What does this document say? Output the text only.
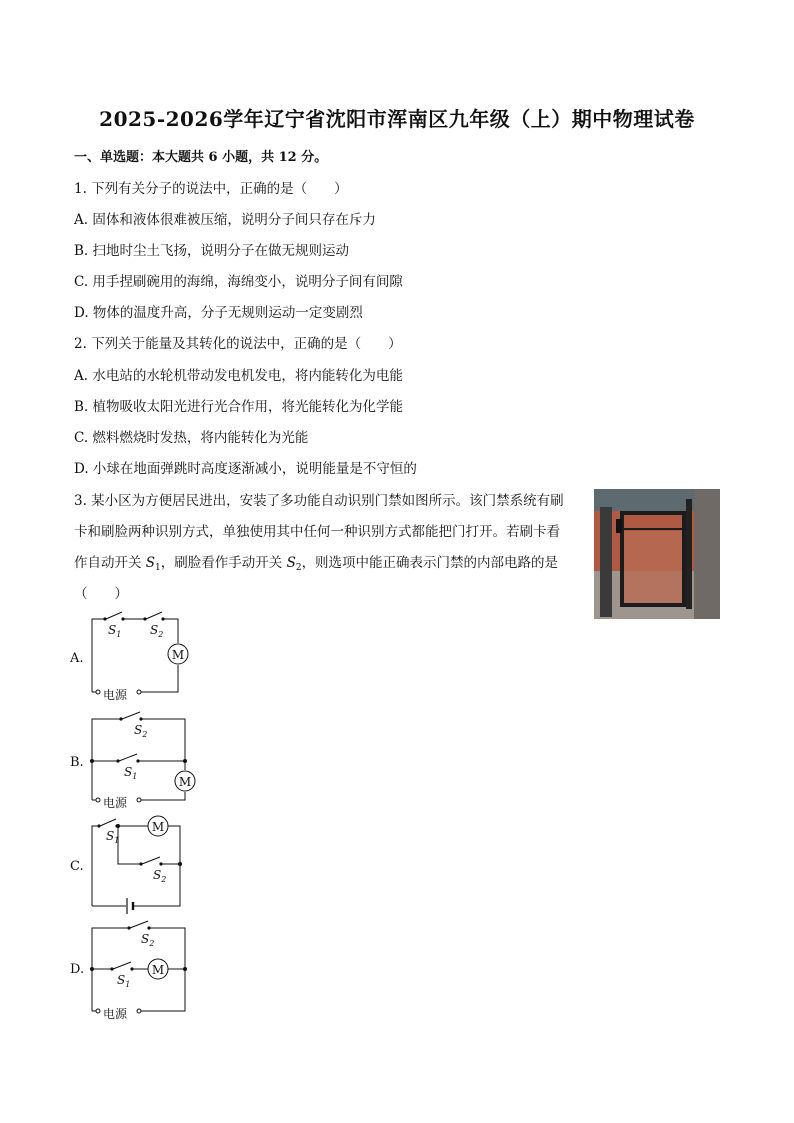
2025-2026学年辽宁省沈阳市浑南区九年级（上）期中物理试卷
一、单选题：本大题共 6 小题，共 12 分。
1. 下列有关分子的说法中，正确的是（　　）
A. 固体和液体很难被压缩，说明分子间只存在斥力
B. 扫地时尘土飞扬，说明分子在做无规则运动
C. 用手捏刷碗用的海绵，海绵变小，说明分子间有间隙
D. 物体的温度升高，分子无规则运动一定变剧烈
2. 下列关于能量及其转化的说法中，正确的是（　　）
A. 水电站的水轮机带动发电机发电，将内能转化为电能
B. 植物吸收太阳光进行光合作用，将光能转化为化学能
C. 燃料燃烧时发热，将内能转化为光能
D. 小球在地面弹跳时高度逐渐减小，说明能量是不守恒的
3. 某小区为方便居民进出，安装了多功能自动识别门禁如图所示。该门禁系统有刷
卡和刷脸两种识别方式，单独使用其中任何一种识别方式都能把门打开。若刷卡看
作自动开关 $S_1$，刷脸看作手动开关 $S_2$，则选项中能正确表示门禁的内部电路的是
（　　）
A.
B.
C.
D.
$S_1$ $S_2$
M
电源
$S_2$
$S_1$	M
电源
$S_1$
$S_2$
M
$S_2$
$S_1$
M
电源
